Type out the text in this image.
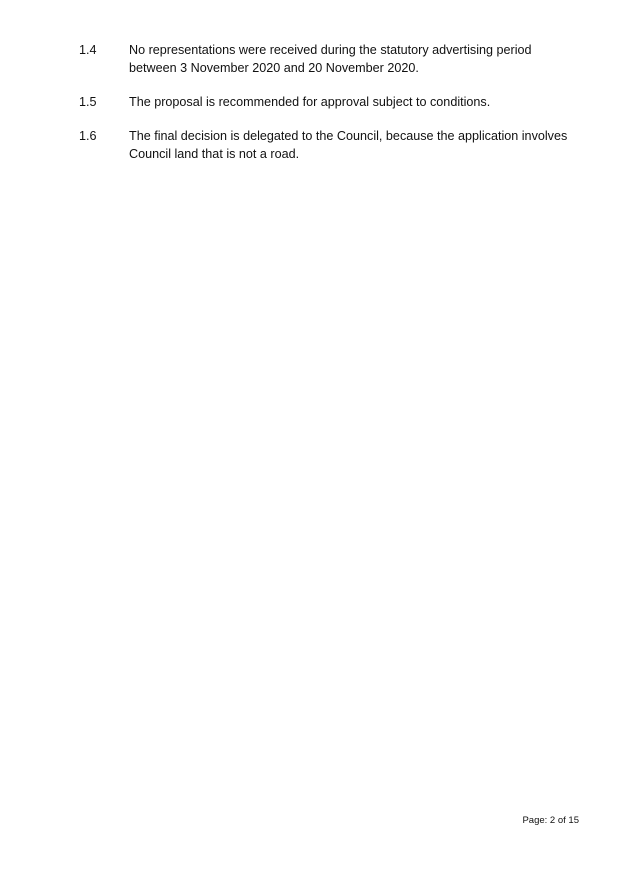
1.4	No representations were received during the statutory advertising period between 3 November 2020 and 20 November 2020.
1.5	The proposal is recommended for approval subject to conditions.
1.6	The final decision is delegated to the Council, because the application involves Council land that is not a road.
Page: 2 of 15
